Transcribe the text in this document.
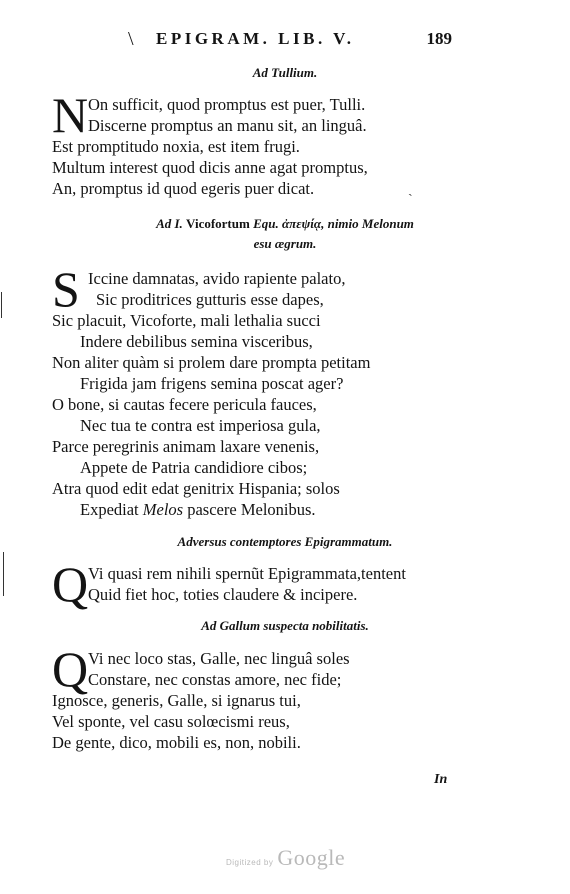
\ EPIGRAM. LIB. V.	189
Ad Tullium.
N On sufficit, quod promptus est puer, Tulli.
Discerne promptus an manu sit, an linguâ.
Est promptitudo noxia, est item frugi.
Multum interest quod dicis anne agat promptus,
An, promptus id quod egeris puer dicat.
Ad I. Vicofortum Equ. ἀπεψίᾳ, nimio Melonum
esu ægrum.
S Iccine damnatas, avido rapiente palato,
Sic proditrices gutturis esse dapes,
Sic placuit, Vicoforte, mali lethalia succi
Indere debilibus semina visceribus,
Non aliter quàm si prolem dare prompta petitam
Frigida jam frigens semina poscat ager?
O bone, si cautas fecere pericula fauces,
Nec tua te contra est imperiosa gula,
Parce peregrinis animam laxare venenis,
Appete de Patria candidiore cibos;
Atra quod edit edat genitrix Hispania; solos
Expediat Melos pascere Melonibus.
Adversus contemptores Epigrammatum.
Q Vi quasi rem nihili spernũt Epigrammata,tentent
Quid fiet hoc, toties claudere & incipere.
Ad Gallum suspecta nobilitatis.
Q Vi nec loco stas, Galle, nec linguâ soles
Constare, nec constas amore, nec fide;
Ignosce, generis, Galle, si ignarus tui,
Vel sponte, vel casu solœcismi reus,
De gente, dico, mobili es, non, nobili.
In
ˏ
Digitized by Google
